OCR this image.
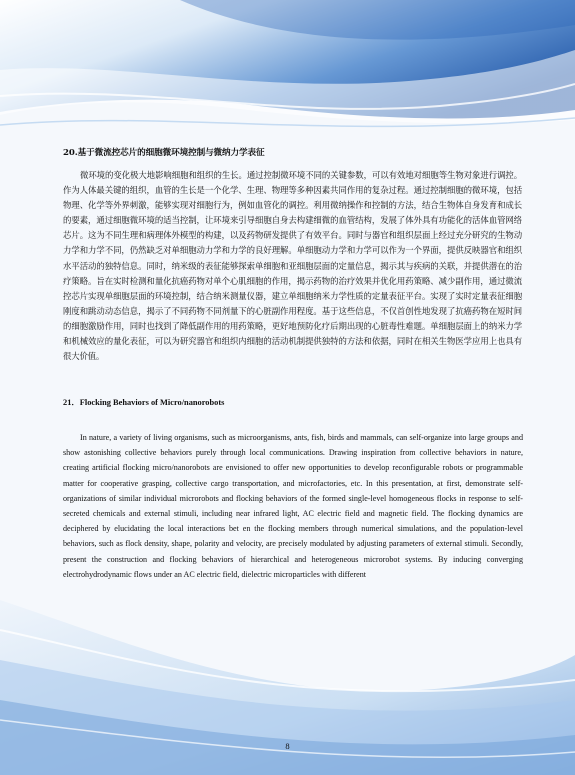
20.基于微流控芯片的细胞微环境控制与微纳力学表征
微环境的变化极大地影响细胞和组织的生长。通过控制微环境不同的关键参数，可以有效地对细胞等生物对象进行调控。作为人体最关键的组织，血管的生长是一个化学、生理、物理等多种因素共同作用的复杂过程。通过控制细胞的微环境，包括物理、化学等外界刺激，能够实现对细胞行为，例如血管化的调控。利用微纳操作和控制的方法，结合生物体自身发育和成长的要素，通过细胞微环境的适当控制，让环境来引导细胞自身去构建细微的血管结构，发展了体外具有功能化的活体血管网络芯片。这为不同生理和病理体外模型的构建，以及药物研发提供了有效平台。同时与器官和组织层面上经过充分研究的生物动力学和力学不同，仍然缺乏对单细胞动力学和力学的良好理解。单细胞动力学和力学可以作为一个界面，提供反映器官和组织水平活动的独特信息。同时，纳米级的表征能够探索单细胞和亚细胞层面的定量信息，揭示其与疾病的关联，并提供潜在的治疗策略。旨在实时检测和量化抗癌药物对单个心肌细胞的作用，揭示药物的治疗效果并优化用药策略、减少副作用，通过微流控芯片实现单细胞层面的环境控制，结合纳米测量仪器，建立单细胞纳米力学性质的定量表征平台。实现了实时定量表征细胞刚度和跳动动态信息，揭示了不同药物不同剂量下的心脏副作用程度。基于这些信息，不仅首创性地发现了抗癌药物在短时间的细胞激励作用，同时也找到了降低副作用的用药策略，更好地预防化疗后期出现的心脏毒性难题。单细胞层面上的纳米力学和机械效应的量化表征，可以为研究器官和组织内细胞的活动机制提供独特的方法和依据，同时在相关生物医学应用上也具有很大价值。
21．Flocking Behaviors of Micro/nanorobots
In nature, a variety of living organisms, such as microorganisms, ants, fish, birds and mammals, can self-organize into large groups and show astonishing collective behaviors purely through local communications. Drawing inspiration from collective behaviors in nature, creating artificial flocking micro/nanorobots are envisioned to offer new opportunities to develop reconfigurable robots or programmable matter for cooperative grasping, collective cargo transportation, and microfactories, etc. In this presentation, at first, demonstrate self-organizations of similar individual microrobots and flocking behaviors of the formed single-level homogeneous flocks in response to self-secreted chemicals and external stimuli, including near infrared light, AC electric field and magnetic field. The flocking dynamics are deciphered by elucidating the local interactions bet en the flocking members through numerical simulations, and the population-level behaviors, such as flock density, shape, polarity and velocity, are precisely modulated by adjusting parameters of external stimuli. Secondly, present the construction and flocking behaviors of hierarchical and heterogeneous microrobot systems. By inducing converging electrohydrodynamic flows under an AC electric field, dielectric microparticles with different
8
